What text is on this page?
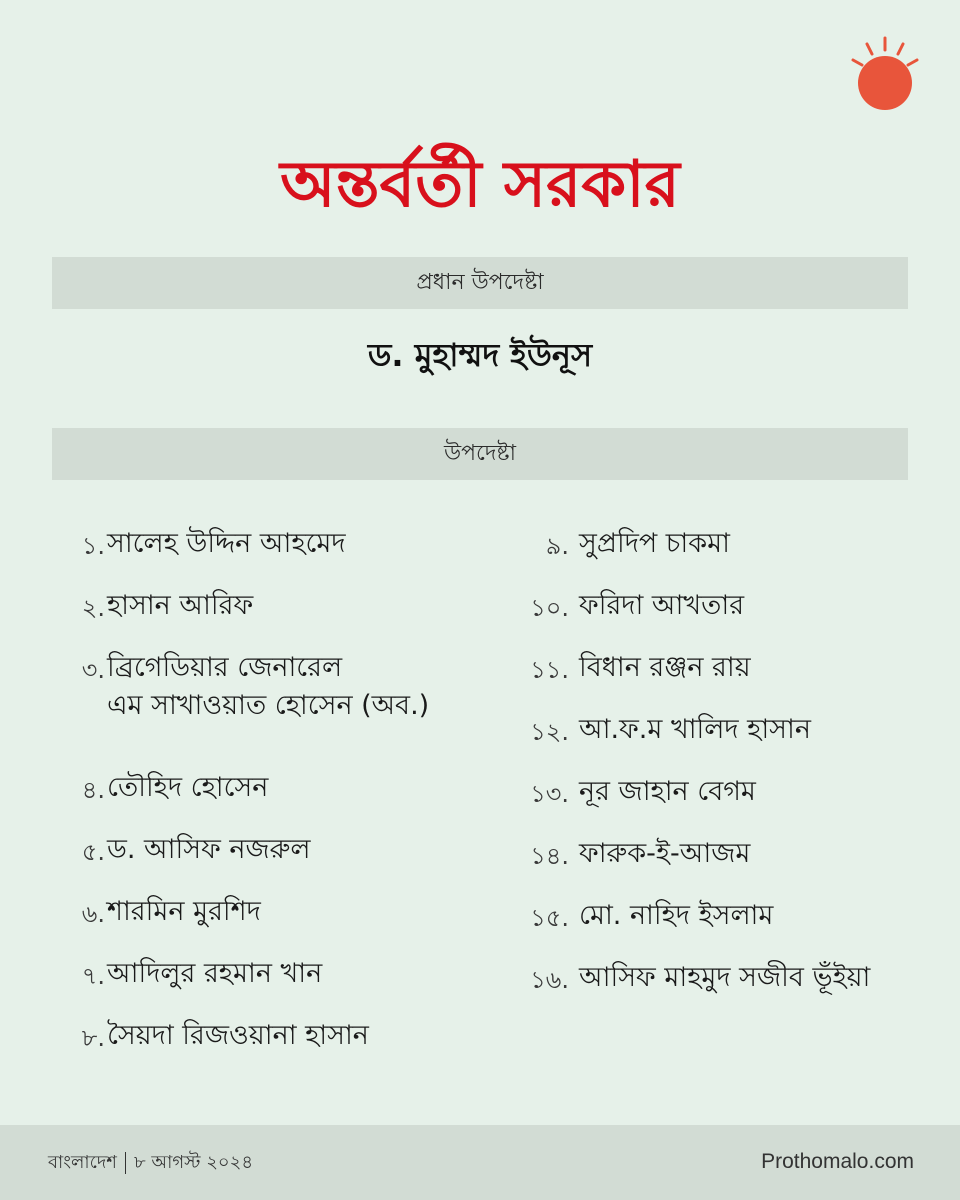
অন্তর্বর্তী সরকার
প্রধান উপদেষ্টা
ড. মুহাম্মদ ইউনূস
উপদেষ্টা
১. সালেহ উদ্দিন আহমেদ
২. হাসান আরিফ
৩. ব্রিগেডিয়ার জেনারেল
এম সাখাওয়াত হোসেন (অব.)
৪. তৌহিদ হোসেন
৫. ড. আসিফ নজরুল
৬. শারমিন মুরশিদ
৭. আদিলুর রহমান খান
৮. সৈয়দা রিজওয়ানা হাসান
৯. সুপ্রদিপ চাকমা
১০. ফরিদা আখতার
১১. বিধান রঞ্জন রায়
১২. আ.ফ.ম খালিদ হাসান
১৩. নূর জাহান বেগম
১৪. ফারুক-ই-আজম
১৫. মো. নাহিদ ইসলাম
১৬. আসিফ মাহমুদ সজীব ভূঁইয়া
বাংলাদেশ ৮ আগস্ট ২০২৪	Prothomalo.com
